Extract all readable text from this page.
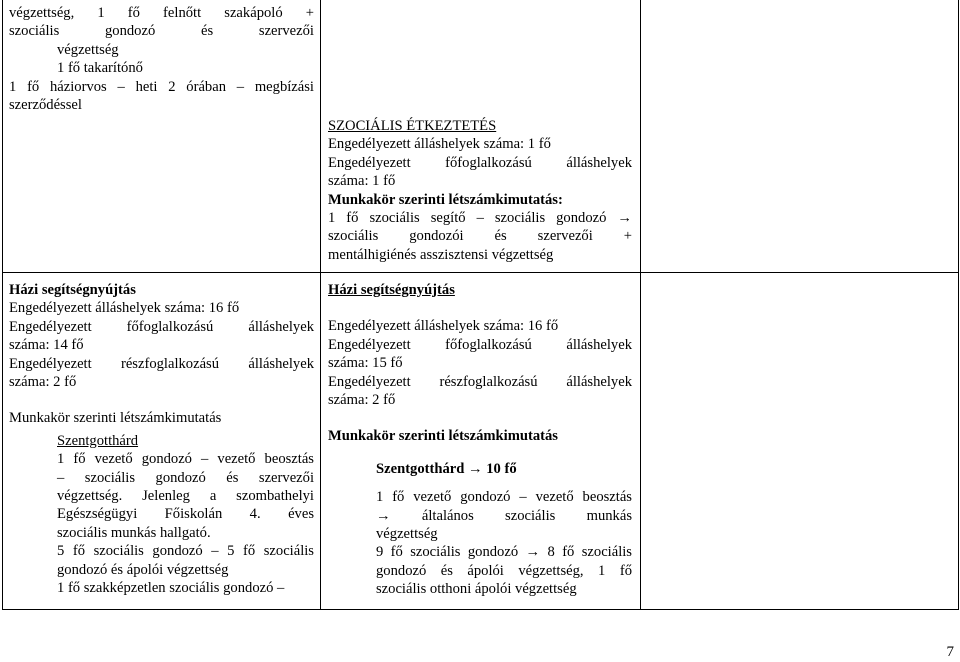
végzettség, 1 fő felnőtt szakápoló +
szociális gondozó és szervezői
végzettség
1 fő takarítónő
1 fő háziorvos – heti 2 órában – megbízási
szerződéssel
Házi segítségnyújtás
Engedélyezett álláshelyek száma: 16 fő
Engedélyezett főfoglalkozású álláshelyek
száma: 14 fő
Engedélyezett részfoglalkozású álláshelyek
száma: 2 fő
Munkakör szerinti létszámkimutatás
Szentgotthárd
1 fő vezető gondozó – vezető beosztás
– szociális gondozó és szervezői
végzettség. Jelenleg a szombathelyi
Egészségügyi Főiskolán 4. éves
szociális munkás hallgató.
5 fő szociális gondozó – 5 fő szociális
gondozó és ápolói végzettség
1 fő szakképzetlen szociális gondozó –
SZOCIÁLIS ÉTKEZTETÉS
Engedélyezett álláshelyek száma: 1 fő
Engedélyezett főfoglalkozású álláshelyek
száma: 1 fő
Munkakör szerinti létszámkimutatás:
1 fő szociális segítő – szociális gondozó →
szociális gondozói és szervezői +
mentálhigiénés asszisztensi végzettség
Házi segítségnyújtás
Engedélyezett álláshelyek száma: 16 fő
Engedélyezett főfoglalkozású álláshelyek
száma: 15 fő
Engedélyezett részfoglalkozású álláshelyek
száma: 2 fő
Munkakör szerinti létszámkimutatás
Szentgotthárd → 10 fő
1 fő vezető gondozó – vezető beosztás
→ általános szociális munkás
végzettség
9 fő szociális gondozó → 8 fő szociális
gondozó és ápolói végzettség, 1 fő
szociális otthoni ápolói végzettség
7
